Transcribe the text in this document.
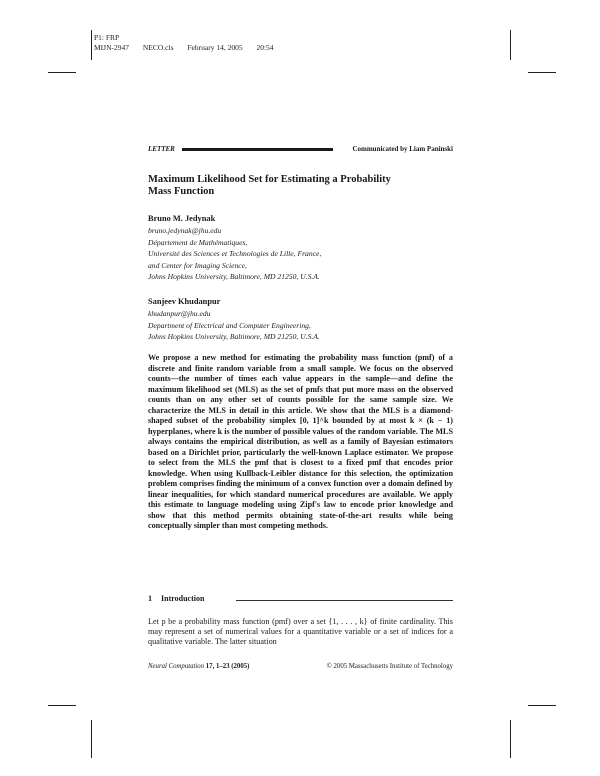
P1: FRP
MIJN-2947 NECO.cls February 14, 2005 20:54
LETTER	Communicated by Liam Paninski
Maximum Likelihood Set for Estimating a Probability
Mass Function
Bruno M. Jedynak
bruno.jedynak@jhu.edu
Département de Mathématiques,
Université des Sciences et Technologies de Lille, France,
and Center for Imaging Science,
Johns Hopkins University, Baltimore, MD 21250, U.S.A.
Sanjeev Khudanpur
khudanpur@jhu.edu
Department of Electrical and Computer Engineering,
Johns Hopkins University, Baltimore, MD 21250, U.S.A.
We propose a new method for estimating the probability mass function (pmf) of a discrete and finite random variable from a small sample. We focus on the observed counts—the number of times each value appears in the sample—and define the maximum likelihood set (MLS) as the set of pmfs that put more mass on the observed counts than on any other set of counts possible for the same sample size. We characterize the MLS in detail in this article. We show that the MLS is a diamond-shaped subset of the probability simplex [0, 1]^k bounded by at most k × (k − 1) hyperplanes, where k is the number of possible values of the random variable. The MLS always contains the empirical distribution, as well as a family of Bayesian estimators based on a Dirichlet prior, particularly the well-known Laplace estimator. We propose to select from the MLS the pmf that is closest to a fixed pmf that encodes prior knowledge. When using Kullback-Leibler distance for this selection, the optimization problem comprises finding the minimum of a convex function over a domain defined by linear inequalities, for which standard numerical procedures are available. We apply this estimate to language modeling using Zipf's law to encode prior knowledge and show that this method permits obtaining state-of-the-art results while being conceptually simpler than most competing methods.
1 Introduction
Let p be a probability mass function (pmf) over a set {1, . . . , k} of finite cardinality. This may represent a set of numerical values for a quantitative variable or a set of indices for a qualitative variable. The latter situation
Neural Computation 17, 1–23 (2005)	© 2005 Massachusetts Institute of Technology
